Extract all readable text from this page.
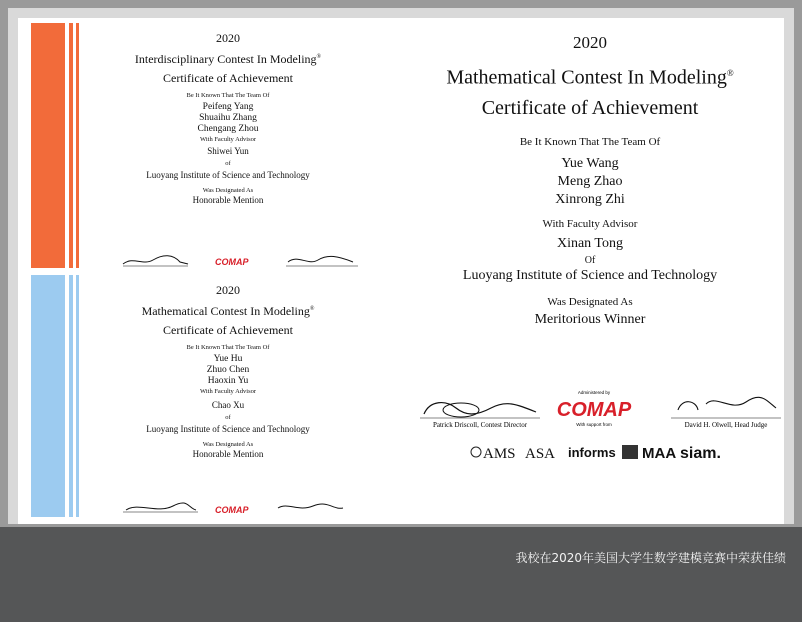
2020
Interdisciplinary Contest In Modeling®
Certificate of Achievement
Be It Known That The Team Of
Peifeng Yang
Shuaihu Zhang
Chengang Zhou
With Faculty Advisor
Shiwei Yun
of
Luoyang Institute of Science and Technology
Was Designated As
Honorable Mention
COMAP
2020
Mathematical Contest In Modeling®
Certificate of Achievement
Be It Known That The Team Of
Yue Hu
Zhuo Chen
Haoxin Yu
With Faculty Advisor
Chao Xu
of
Luoyang Institute of Science and Technology
Was Designated As
Honorable Mention
COMAP
2020
Mathematical Contest In Modeling®
Certificate of Achievement
Be It Known That The Team Of
Yue Wang
Meng Zhao
Xinrong Zhi
With Faculty Advisor
Xinan Tong
Of
Luoyang Institute of Science and Technology
Was Designated As
Meritorious Winner
Patrick Driscoll, Contest Director
Administered by
COMAP
With support from	David H. Olwell, Head Judge
AMS ASA informs MAA siam.
我校在2020年美国大学生数学建模竞赛中荣获佳绩
